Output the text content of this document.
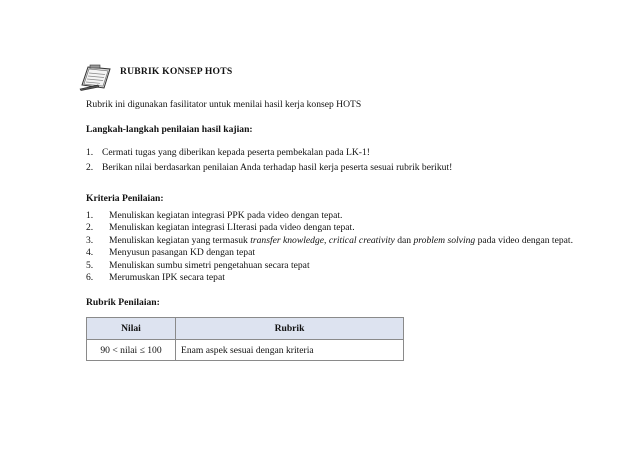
RUBRIK KONSEP HOTS
Rubrik ini digunakan fasilitator untuk menilai hasil kerja konsep HOTS
Langkah-langkah penilaian hasil kajian:
1. Cermati tugas yang diberikan kepada peserta pembekalan pada LK-1!
2. Berikan nilai berdasarkan penilaian Anda terhadap hasil kerja peserta sesuai rubrik berikut!
Kriteria Penilaian:
1. Menuliskan kegiatan integrasi PPK pada video dengan tepat.
2. Menuliskan kegiatan integrasi LIterasi pada video dengan tepat.
3. Menuliskan kegiatan yang termasuk transfer knowledge, critical creativity dan problem solving pada video dengan tepat.
4. Menyusun pasangan KD dengan tepat
5. Menuliskan sumbu simetri pengetahuan secara tepat
6. Merumuskan IPK secara tepat
Rubrik Penilaian:
Nilai	Rubrik
90 < nilai ≤ 100	Enam aspek sesuai dengan kriteria
